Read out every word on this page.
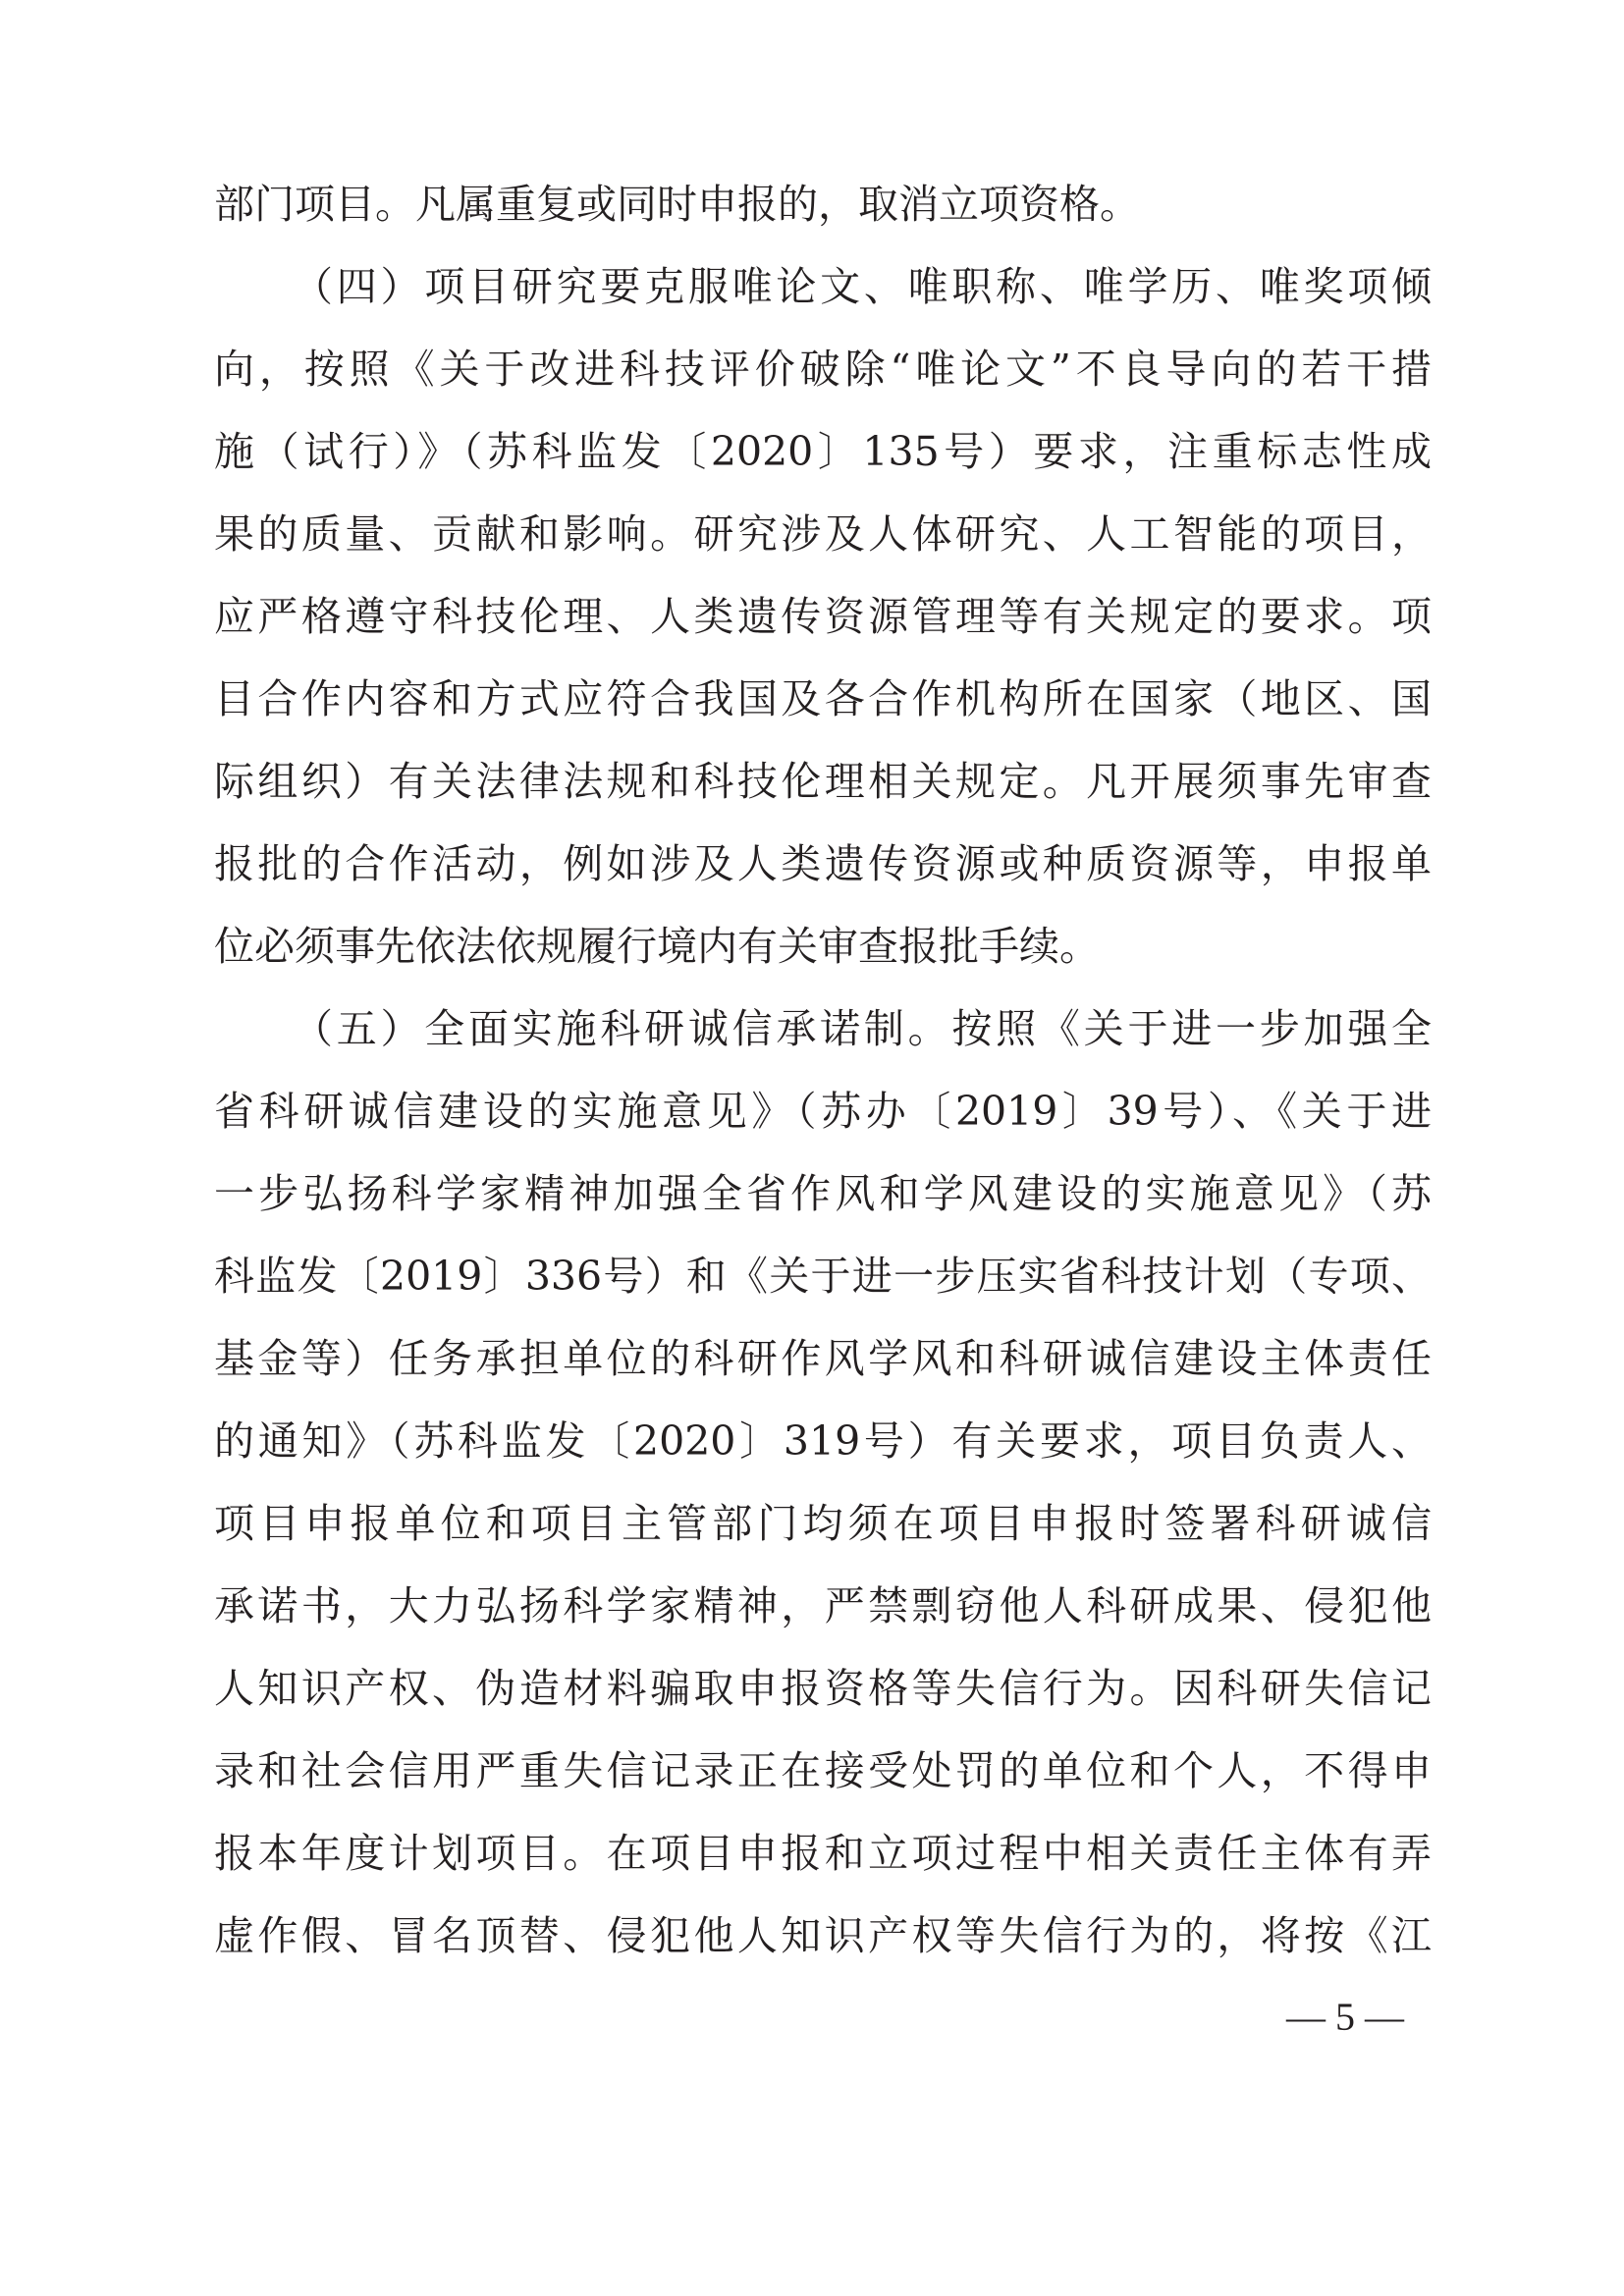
部门项目。凡属重复或同时申报的，取消立项资格。
（四）项目研究要克服唯论文、唯职称、唯学历、唯奖项倾
向，按照《关于改进科技评价破除“唯论文”不良导向的若干措
施（试行）》（苏科监发〔2020〕135号）要求，注重标志性成
果的质量、贡献和影响。研究涉及人体研究、人工智能的项目，
应严格遵守科技伦理、人类遗传资源管理等有关规定的要求。项
目合作内容和方式应符合我国及各合作机构所在国家（地区、国
际组织）有关法律法规和科技伦理相关规定。凡开展须事先审查
报批的合作活动，例如涉及人类遗传资源或种质资源等，申报单
位必须事先依法依规履行境内有关审查报批手续。
（五）全面实施科研诚信承诺制。按照《关于进一步加强全
省科研诚信建设的实施意见》（苏办〔2019〕39号）、《关于进
一步弘扬科学家精神加强全省作风和学风建设的实施意见》（苏
科监发〔2019〕336号）和《关于进一步压实省科技计划（专项、
基金等）任务承担单位的科研作风学风和科研诚信建设主体责任
的通知》（苏科监发〔2020〕319号）有关要求，项目负责人、
项目申报单位和项目主管部门均须在项目申报时签署科研诚信
承诺书，大力弘扬科学家精神，严禁剽窃他人科研成果、侵犯他
人知识产权、伪造材料骗取申报资格等失信行为。因科研失信记
录和社会信用严重失信记录正在接受处罚的单位和个人，不得申
报本年度计划项目。在项目申报和立项过程中相关责任主体有弄
虚作假、冒名顶替、侵犯他人知识产权等失信行为的，将按《江
— 5 —
